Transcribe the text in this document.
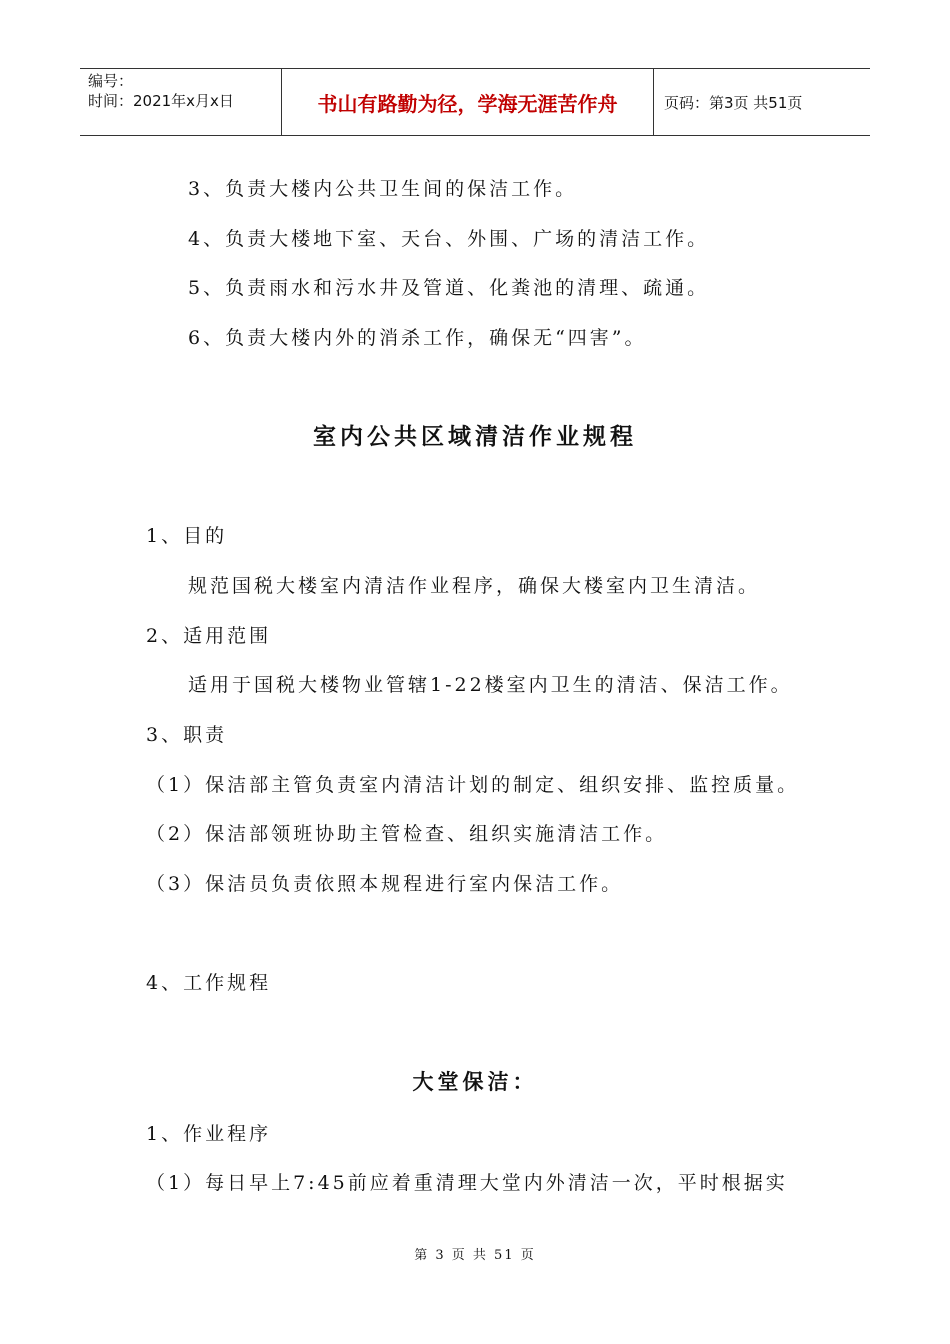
编号：
时间：2021年x月x日	书山有路勤为径，学海无涯苦作舟	页码：第3页 共51页
3、负责大楼内公共卫生间的保洁工作。
4、负责大楼地下室、天台、外围、广场的清洁工作。
5、负责雨水和污水井及管道、化粪池的清理、疏通。
6、负责大楼内外的消杀工作，确保无“四害”。
室内公共区域清洁作业规程
1、目的
规范国税大楼室内清洁作业程序，确保大楼室内卫生清洁。
2、适用范围
适用于国税大楼物业管辖1-22楼室内卫生的清洁、保洁工作。
3、职责
（1）保洁部主管负责室内清洁计划的制定、组织安排、监控质量。
（2）保洁部领班协助主管检查、组织实施清洁工作。
（3）保洁员负责依照本规程进行室内保洁工作。
4、工作规程
大堂保洁：
1、作业程序
（1）每日早上7:45前应着重清理大堂内外清洁一次，平时根据实
第 3 页 共 51 页
